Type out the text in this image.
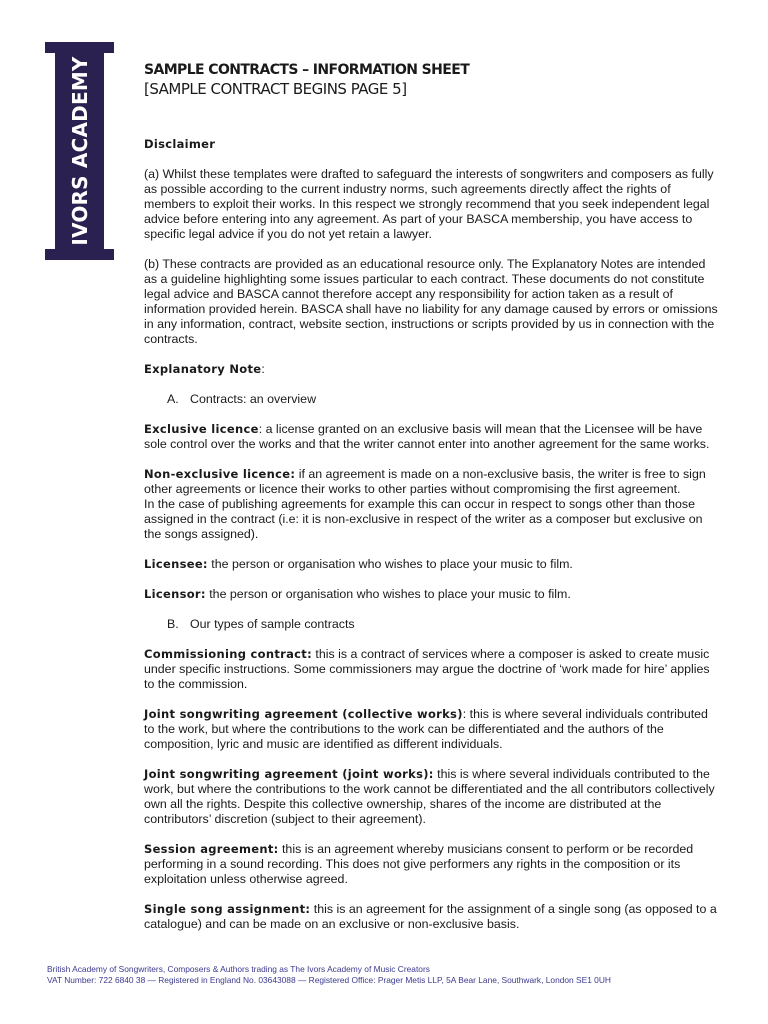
IVORS ACADEMY	SAMPLE CONTRACTS – INFORMATION SHEET
[SAMPLE CONTRACT BEGINS PAGE 5]

Disclaimer

(a) Whilst these templates were drafted to safeguard the interests of songwriters and composers as fully as possible according to the current industry norms, such agreements directly affect the rights of members to exploit their works. In this respect we strongly recommend that you seek independent legal advice before entering into any agreement. As part of your BASCA membership, you have access to specific legal advice if you do not yet retain a lawyer.

(b) These contracts are provided as an educational resource only. The Explanatory Notes are intended as a guideline highlighting some issues particular to each contract. These documents do not constitute legal advice and BASCA cannot therefore accept any responsibility for action taken as a result of information provided herein. BASCA shall have no liability for any damage caused by errors or omissions in any information, contract, website section, instructions or scripts provided by us in connection with the contracts.

Explanatory Note:

A. Contracts: an overview

Exclusive licence: a license granted on an exclusive basis will mean that the Licensee will be have sole control over the works and that the writer cannot enter into another agreement for the same works.

Non-exclusive licence: if an agreement is made on a non-exclusive basis, the writer is free to sign other agreements or licence their works to other parties without compromising the first agreement.

In the case of publishing agreements for example this can occur in respect to songs other than those assigned in the contract (i.e: it is non-exclusive in respect of the writer as a composer but exclusive on the songs assigned).

Licensee: the person or organisation who wishes to place your music to film.

Licensor: the person or organisation who wishes to place your music to film.

B. Our types of sample contracts

Commissioning contract: this is a contract of services where a composer is asked to create music under specific instructions. Some commissioners may argue the doctrine of ‘work made for hire’ applies to the commission.

Joint songwriting agreement (collective works): this is where several individuals contributed to the work, but where the contributions to the work can be differentiated and the authors of the composition, lyric and music are identified as different individuals.

Joint songwriting agreement (joint works): this is where several individuals contributed to the work, but where the contributions to the work cannot be differentiated and the all contributors collectively own all the rights. Despite this collective ownership, shares of the income are distributed at the contributors’ discretion (subject to their agreement).

Session agreement: this is an agreement whereby musicians consent to perform or be recorded performing in a sound recording. This does not give performers any rights in the composition or its exploitation unless otherwise agreed.

Single song assignment: this is an agreement for the assignment of a single song (as opposed to a catalogue) and can be made on an exclusive or non-exclusive basis.

British Academy of Songwriters, Composers & Authors trading as The Ivors Academy of Music Creators
VAT Number: 722 6840 38 — Registered in England No. 03643088 — Registered Office: Prager Metis LLP, 5A Bear Lane, Southwark, London SE1 0UH
